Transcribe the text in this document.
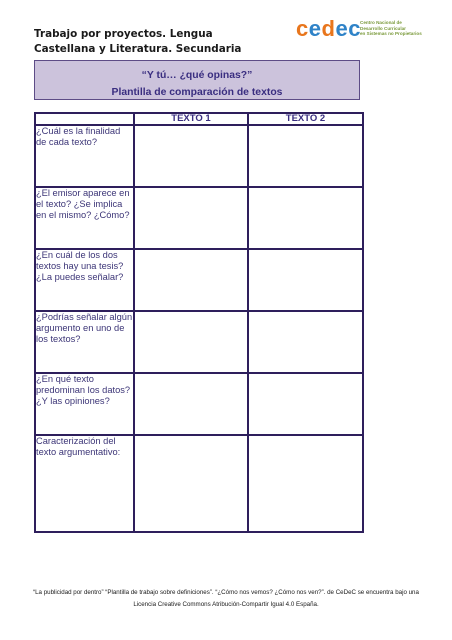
Trabajo por proyectos. Lengua
Castellana y Literatura. Secundaria
cedec Centro Nacional de
Desarrollo Curricular
en Sistemas no Propietarios
“Y tú… ¿qué opinas?”
Plantilla de comparación de textos
	TEXTO 1	TEXTO 2
¿Cuál es la finalidad de cada texto?		
¿El emisor aparece en el texto? ¿Se implica en el mismo? ¿Cómo?		
¿En cuál de los dos textos hay una tesis? ¿La puedes señalar?		
¿Podrías señalar algún argumento en uno de los textos?		
¿En qué texto predominan los datos? ¿Y las opiniones?		
Caracterización del texto argumentativo:		
“La publicidad por dentro” “Plantilla de trabajo sobre definiciones”. “¿Cómo nos vemos? ¿Cómo nos ven?”. de CeDeC se encuentra bajo una
Licencia Creative Commons Atribución-Compartir Igual 4.0 España.
